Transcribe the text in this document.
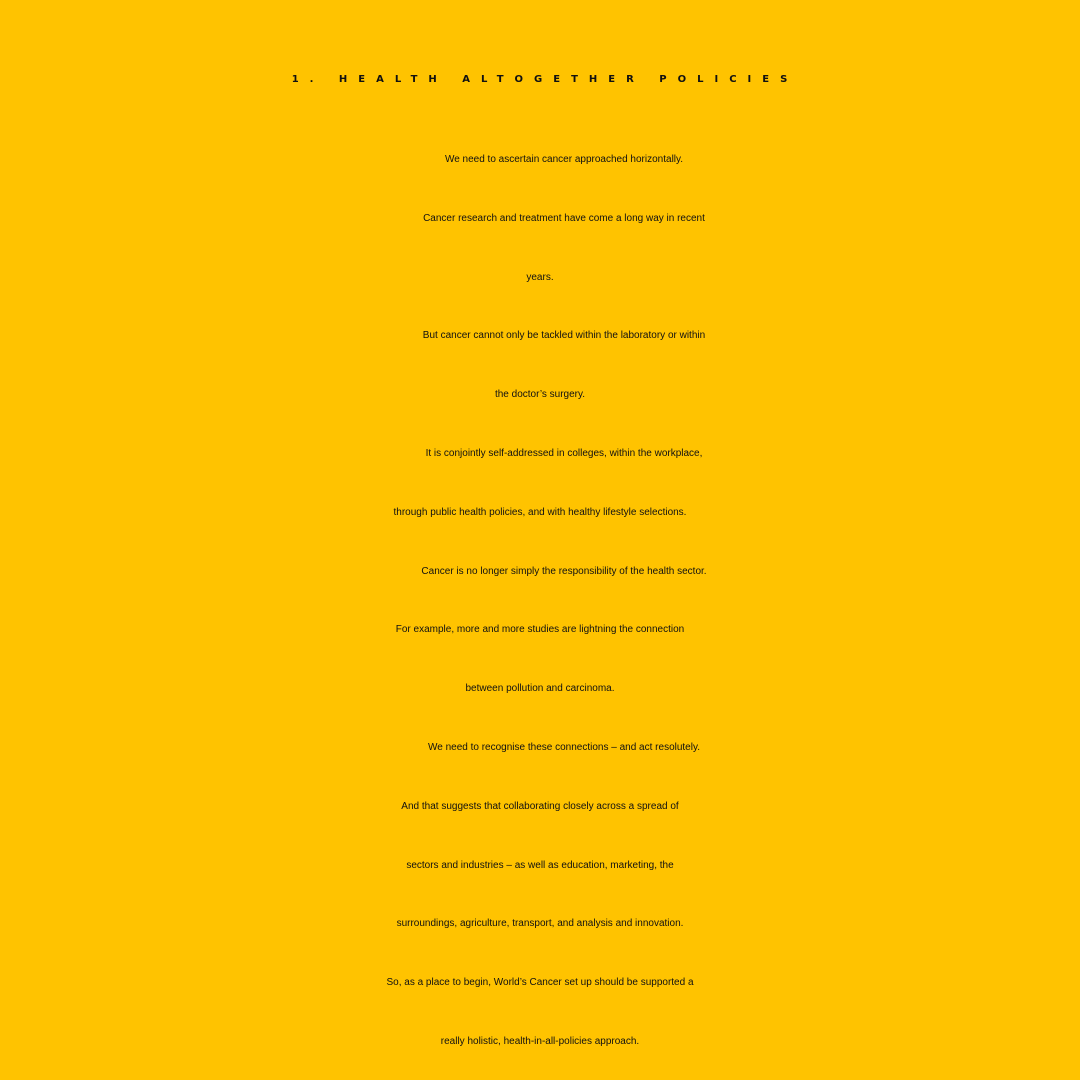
1. HEALTH ALTOGETHER POLICIES
We need to ascertain cancer approached horizontally.
Cancer research and treatment have come a long way in recent
years.
But cancer cannot only be tackled within the laboratory or within
the doctor’s surgery.
It is conjointly self-addressed in colleges, within the workplace,
through public health policies, and with healthy lifestyle selections.
Cancer is no longer simply the responsibility of the health sector.
For example, more and more studies are lightning the connection
between pollution and carcinoma.
We need to recognise these connections – and act resolutely.
And that suggests that collaborating closely across a spread of
sectors and industries – as well as education, marketing, the
surroundings, agriculture, transport, and analysis and innovation.
So, as a place to begin, World’s Cancer set up should be supported a
really holistic, health-in-all-policies approach.
